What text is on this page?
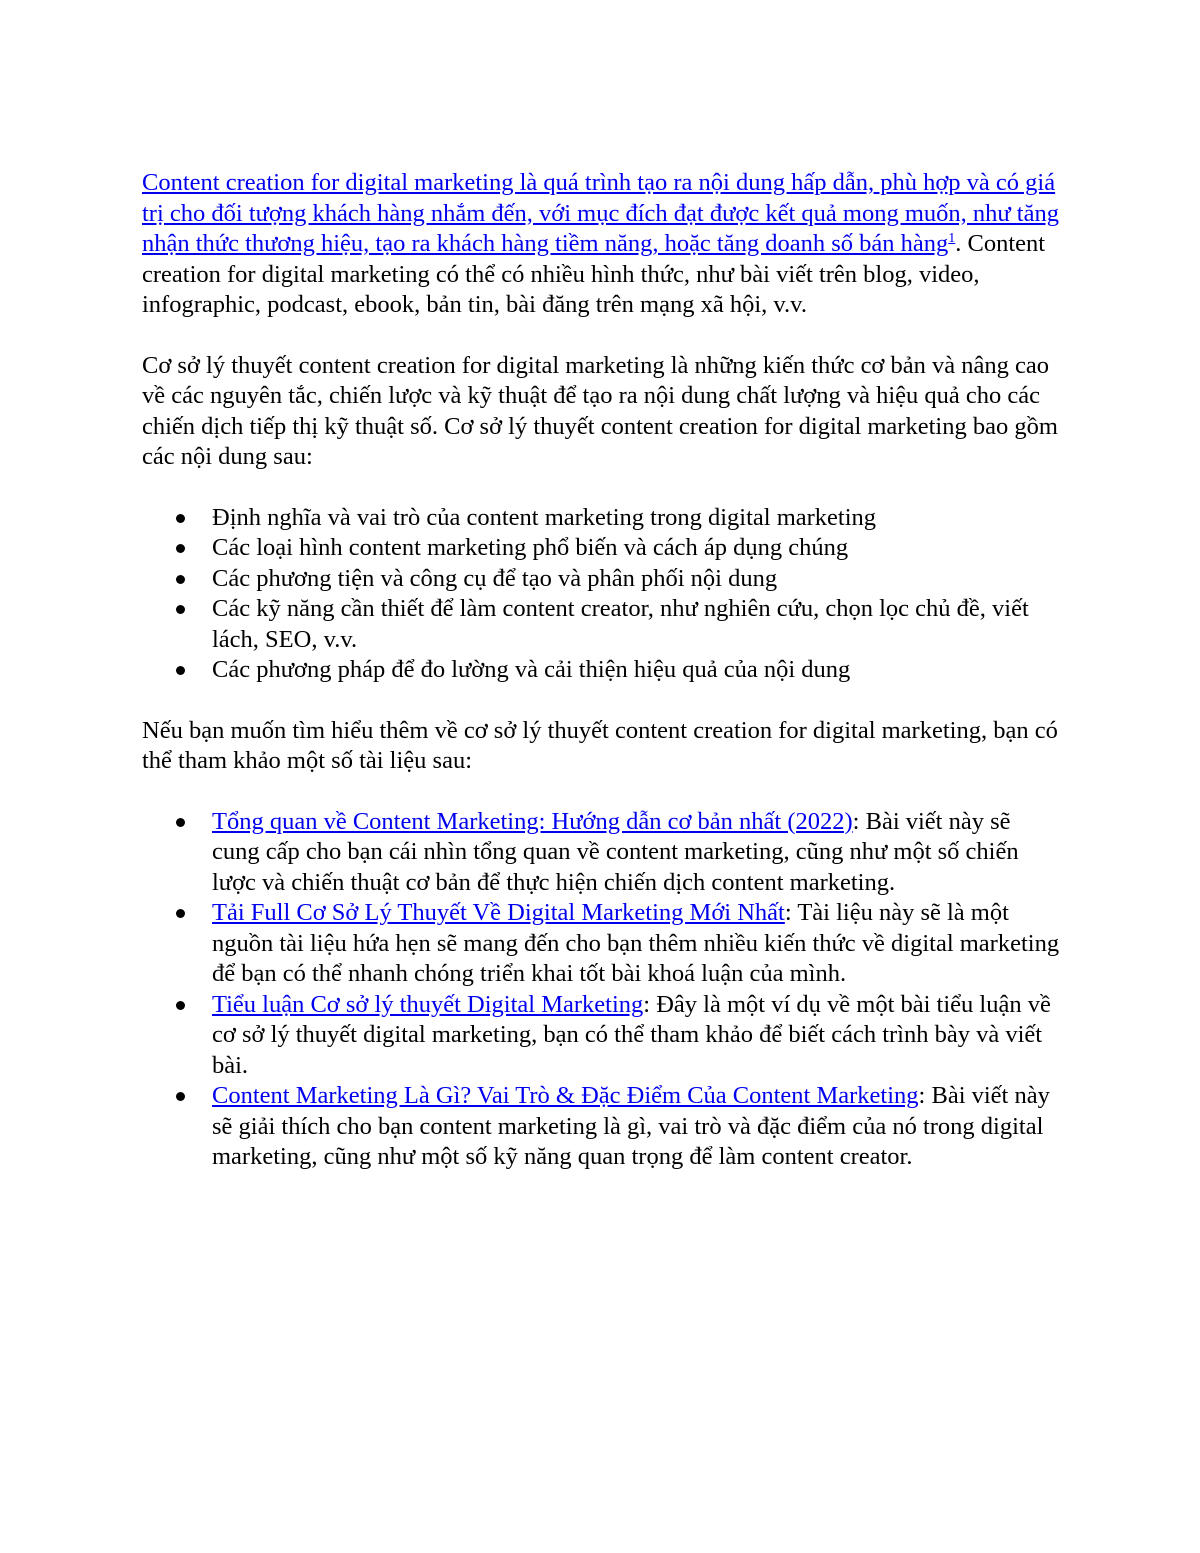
Content creation for digital marketing là quá trình tạo ra nội dung hấp dẫn, phù hợp và có giá trị cho đối tượng khách hàng nhắm đến, với mục đích đạt được kết quả mong muốn, như tăng nhận thức thương hiệu, tạo ra khách hàng tiềm năng, hoặc tăng doanh số bán hàng$^1$. Content creation for digital marketing có thể có nhiều hình thức, như bài viết trên blog, video, infographic, podcast, ebook, bản tin, bài đăng trên mạng xã hội, v.v.

Cơ sở lý thuyết content creation for digital marketing là những kiến thức cơ bản và nâng cao về các nguyên tắc, chiến lược và kỹ thuật để tạo ra nội dung chất lượng và hiệu quả cho các chiến dịch tiếp thị kỹ thuật số. Cơ sở lý thuyết content creation for digital marketing bao gồm các nội dung sau:

Định nghĩa và vai trò của content marketing trong digital marketing
Các loại hình content marketing phổ biến và cách áp dụng chúng
Các phương tiện và công cụ để tạo và phân phối nội dung
Các kỹ năng cần thiết để làm content creator, như nghiên cứu, chọn lọc chủ đề, viết lách, SEO, v.v.
Các phương pháp để đo lường và cải thiện hiệu quả của nội dung

Nếu bạn muốn tìm hiểu thêm về cơ sở lý thuyết content creation for digital marketing, bạn có thể tham khảo một số tài liệu sau:

Tổng quan về Content Marketing: Hướng dẫn cơ bản nhất (2022): Bài viết này sẽ cung cấp cho bạn cái nhìn tổng quan về content marketing, cũng như một số chiến lược và chiến thuật cơ bản để thực hiện chiến dịch content marketing.
Tải Full Cơ Sở Lý Thuyết Về Digital Marketing Mới Nhất: Tài liệu này sẽ là một nguồn tài liệu hứa hẹn sẽ mang đến cho bạn thêm nhiều kiến thức về digital marketing để bạn có thể nhanh chóng triển khai tốt bài khoá luận của mình.
Tiểu luận Cơ sở lý thuyết Digital Marketing: Đây là một ví dụ về một bài tiểu luận về cơ sở lý thuyết digital marketing, bạn có thể tham khảo để biết cách trình bày và viết bài.
Content Marketing Là Gì? Vai Trò & Đặc Điểm Của Content Marketing: Bài viết này sẽ giải thích cho bạn content marketing là gì, vai trò và đặc điểm của nó trong digital marketing, cũng như một số kỹ năng quan trọng để làm content creator.
